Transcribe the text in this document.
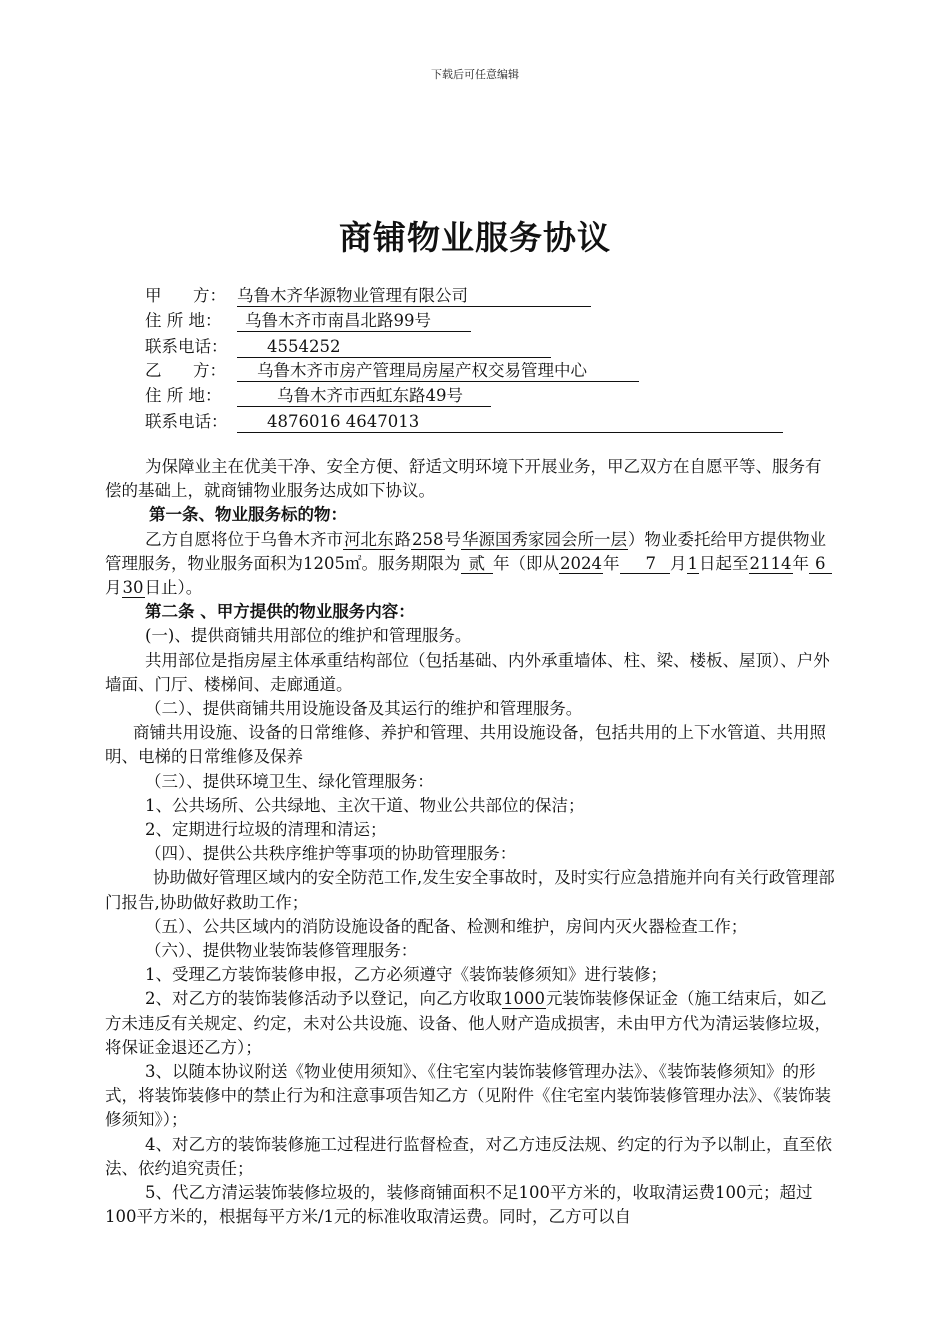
下载后可任意编辑
商铺物业服务协议
甲      方： 乌鲁木齐华源物业管理有限公司
住 所 地： 乌鲁木齐市南昌北路99号
联系电话： 4554252
乙      方： 乌鲁木齐市房产管理局房屋产权交易管理中心
住 所 地：	乌鲁木齐市西虹东路49号
联系电话： 4876016 4647013

为保障业主在优美干净、安全方便、舒适文明环境下开展业务，甲乙双方在自愿平等、服务有偿的基础上，就商铺物业服务达成如下协议。

第一条、物业服务标的物：

乙方自愿将位于乌鲁木齐市河北东路258号华源国秀家园会所一层）物业委托给甲方提供物业管理服务，物业服务面积为1205㎡。服务期限为 贰 年（即从2024年 7 月1日起至2114年 6月30日止）。

第二条 、甲方提供的物业服务内容：

(一)、提供商铺共用部位的维护和管理服务。

共用部位是指房屋主体承重结构部位（包括基础、内外承重墙体、柱、梁、楼板、屋顶）、户外墙面、门厅、楼梯间、走廊通道。

（二）、提供商铺共用设施设备及其运行的维护和管理服务。

商铺共用设施、设备的日常维修、养护和管理、共用设施设备，包括共用的上下水管道、共用照明、电梯的日常维修及保养

（三）、提供环境卫生、绿化管理服务：

1、公共场所、公共绿地、主次干道、物业公共部位的保洁；

2、定期进行垃圾的清理和清运；

（四）、提供公共秩序维护等事项的协助管理服务：

协助做好管理区域内的安全防范工作,发生安全事故时，及时实行应急措施并向有关行政管理部门报告,协助做好救助工作；

（五）、公共区域内的消防设施设备的配备、检测和维护，房间内灭火器检查工作；

（六）、提供物业装饰装修管理服务：

1、受理乙方装饰装修申报，乙方必须遵守《装饰装修须知》进行装修；

2、对乙方的装饰装修活动予以登记，向乙方收取1000元装饰装修保证金（施工结束后，如乙方未违反有关规定、约定，未对公共设施、设备、他人财产造成损害，未由甲方代为清运装修垃圾，将保证金退还乙方）；

3、以随本协议附送《物业使用须知》、《住宅室内装饰装修管理办法》、《装饰装修须知》的形式，将装饰装修中的禁止行为和注意事项告知乙方（见附件《住宅室内装饰装修管理办法》、《装饰装修须知》）；

4、对乙方的装饰装修施工过程进行监督检查，对乙方违反法规、约定的行为予以制止，直至依法、依约追究责任；

5、代乙方清运装饰装修垃圾的，装修商铺面积不足100平方米的，收取清运费100元；超过100平方米的，根据每平方米/1元的标准收取清运费。同时，乙方可以自
